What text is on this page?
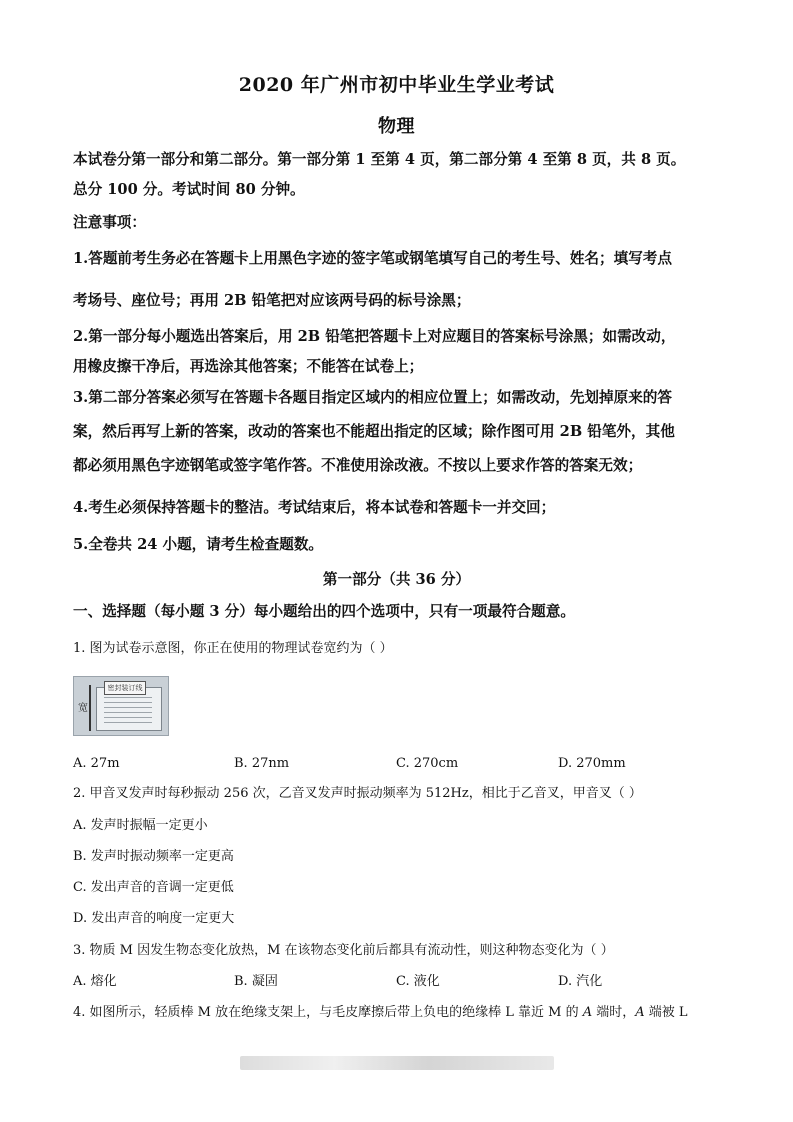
2020 年广州市初中毕业生学业考试
物理
本试卷分第一部分和第二部分。第一部分第 1 至第 4 页，第二部分第 4 至第 8 页，共 8 页。
总分 100 分。考试时间 80 分钟。
注意事项：
1.答题前考生务必在答题卡上用黑色字迹的签字笔或钢笔填写自己的考生号、姓名；填写考点
考场号、座位号；再用 2B 铅笔把对应该两号码的标号涂黑；
2.第一部分每小题选出答案后，用 2B 铅笔把答题卡上对应题目的答案标号涂黑；如需改动，
用橡皮擦干净后，再选涂其他答案；不能答在试卷上；
3.第二部分答案必须写在答题卡各题目指定区域内的相应位置上；如需改动，先划掉原来的答
案，然后再写上新的答案，改动的答案也不能超出指定的区域；除作图可用 2B 铅笔外，其他
都必须用黑色字迹钢笔或签字笔作答。不准使用涂改液。不按以上要求作答的答案无效；
4.考生必须保持答题卡的整洁。考试结束后，将本试卷和答题卡一并交回；
5.全卷共 24 小题，请考生检查题数。
第一部分（共 36 分）
一、选择题（每小题 3 分）每小题给出的四个选项中，只有一项最符合题意。
1. 图为试卷示意图，你正在使用的物理试卷宽约为（ ）
宽
密封装订线
A. 27m	B. 27nm	C. 270cm	D. 270mm
2. 甲音叉发声时每秒振动 256 次，乙音叉发声时振动频率为 512Hz，相比于乙音叉，甲音叉（ ）
A. 发声时振幅一定更小
B. 发声时振动频率一定更高
C. 发出声音的音调一定更低
D. 发出声音的响度一定更大
3. 物质 M 因发生物态变化放热，M 在该物态变化前后都具有流动性，则这种物态变化为（ ）
A. 熔化	B. 凝固	C. 液化	D. 汽化
4. 如图所示，轻质棒 M 放在绝缘支架上，与毛皮摩擦后带上负电的绝缘棒 L 靠近 M 的 A 端时，A 端被 L
